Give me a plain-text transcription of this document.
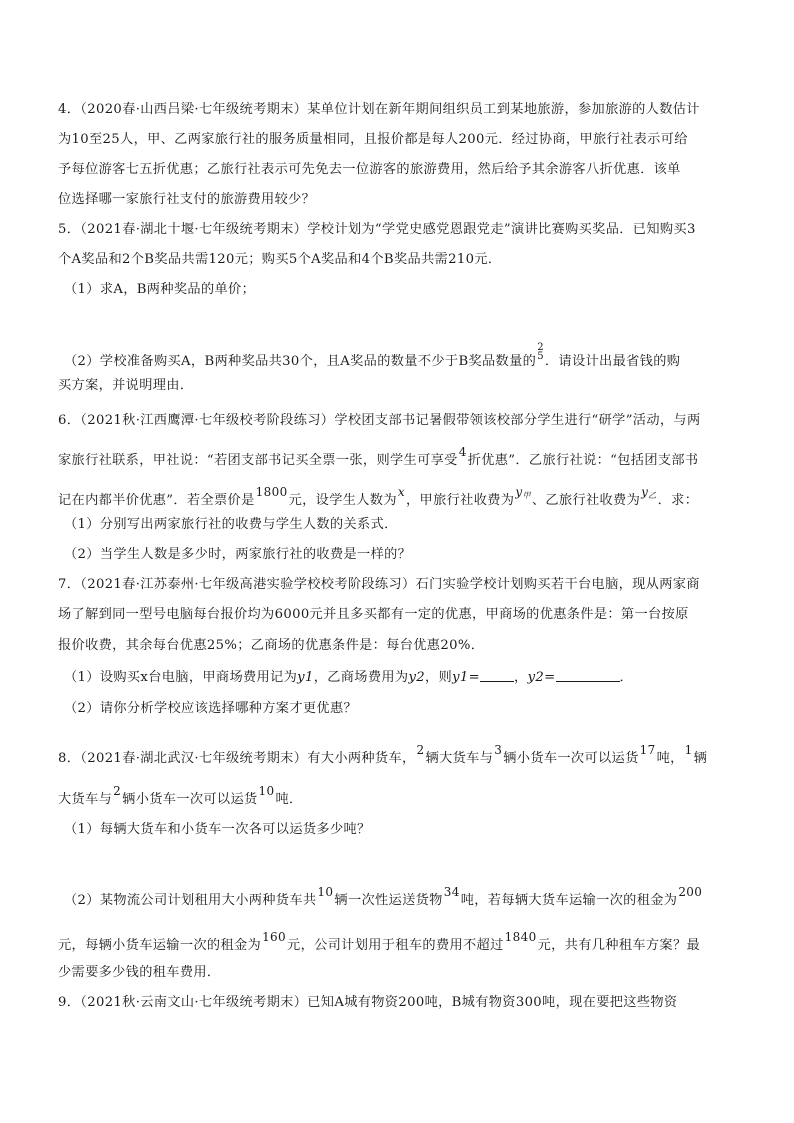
4．（2020春·山西吕梁·七年级统考期末）某单位计划在新年期间组织员工到某地旅游，参加旅游的人数估计
为10至25人，甲、乙两家旅行社的服务质量相同，且报价都是每人200元．经过协商，甲旅行社表示可给
予每位游客七五折优惠；乙旅行社表示可先免去一位游客的旅游费用，然后给予其余游客八折优惠．该单
位选择哪一家旅行社支付的旅游费用较少？
5．（2021春·湖北十堰·七年级统考期末）学校计划为“学党史感党恩跟党走”演讲比赛购买奖品．已知购买3
个A奖品和2个B奖品共需120元；购买5个A奖品和4个B奖品共需210元．
（1）求A，B两种奖品的单价；
（2）学校准备购买A，B两种奖品共30个，且A奖品的数量不少于B奖品数量的
$^{2 5}$ ．请设计出最省钱的购
买方案，并说明理由．
6．（2021秋·江西鹰潭·七年级校考阶段练习）学校团支部书记暑假带领该校部分学生进行“研学”活动，与两
家旅行社联系，甲社说：“若团支部书记买全票一张，则学生可享受4折优惠”．乙旅行社说：“包括团支部书
记在内都半价优惠”．若全票价是1800元，设学生人数为x，甲旅行社收费为y甲、乙旅行社收费为y乙．求：
（1）分别写出两家旅行社的收费与学生人数的关系式．
（2）当学生人数是多少时，两家旅行社的收费是一样的？
7．（2021春·江苏泰州·七年级高港实验学校校考阶段练习）石门实验学校计划购买若干台电脑，现从两家商
场了解到同一型号电脑每台报价均为6000元并且多买都有一定的优惠，甲商场的优惠条件是：第一台按原
报价收费，其余每台优惠25%；乙商场的优惠条件是：每台优惠20%．
（1）设购买x台电脑，甲商场费用记为y1，乙商场费用为y2，则y1=	，y2=	．
（2）请你分析学校应该选择哪种方案才更优惠？
8．（2021春·湖北武汉·七年级统考期末）有大小两种货车，2辆大货车与3辆小货车一次可以运货17吨，1辆
大货车与2辆小货车一次可以运货10吨．
（1）每辆大货车和小货车一次各可以运货多少吨？
（2）某物流公司计划租用大小两种货车共10辆一次性运送货物34吨，若每辆大货车运输一次的租金为200
元，每辆小货车运输一次的租金为160元，公司计划用于租车的费用不超过1840元，共有几种租车方案？最
少需要多少钱的租车费用．
9．（2021秋·云南文山·七年级统考期末）已知A城有物资200吨，B城有物资300吨，现在要把这些物资
